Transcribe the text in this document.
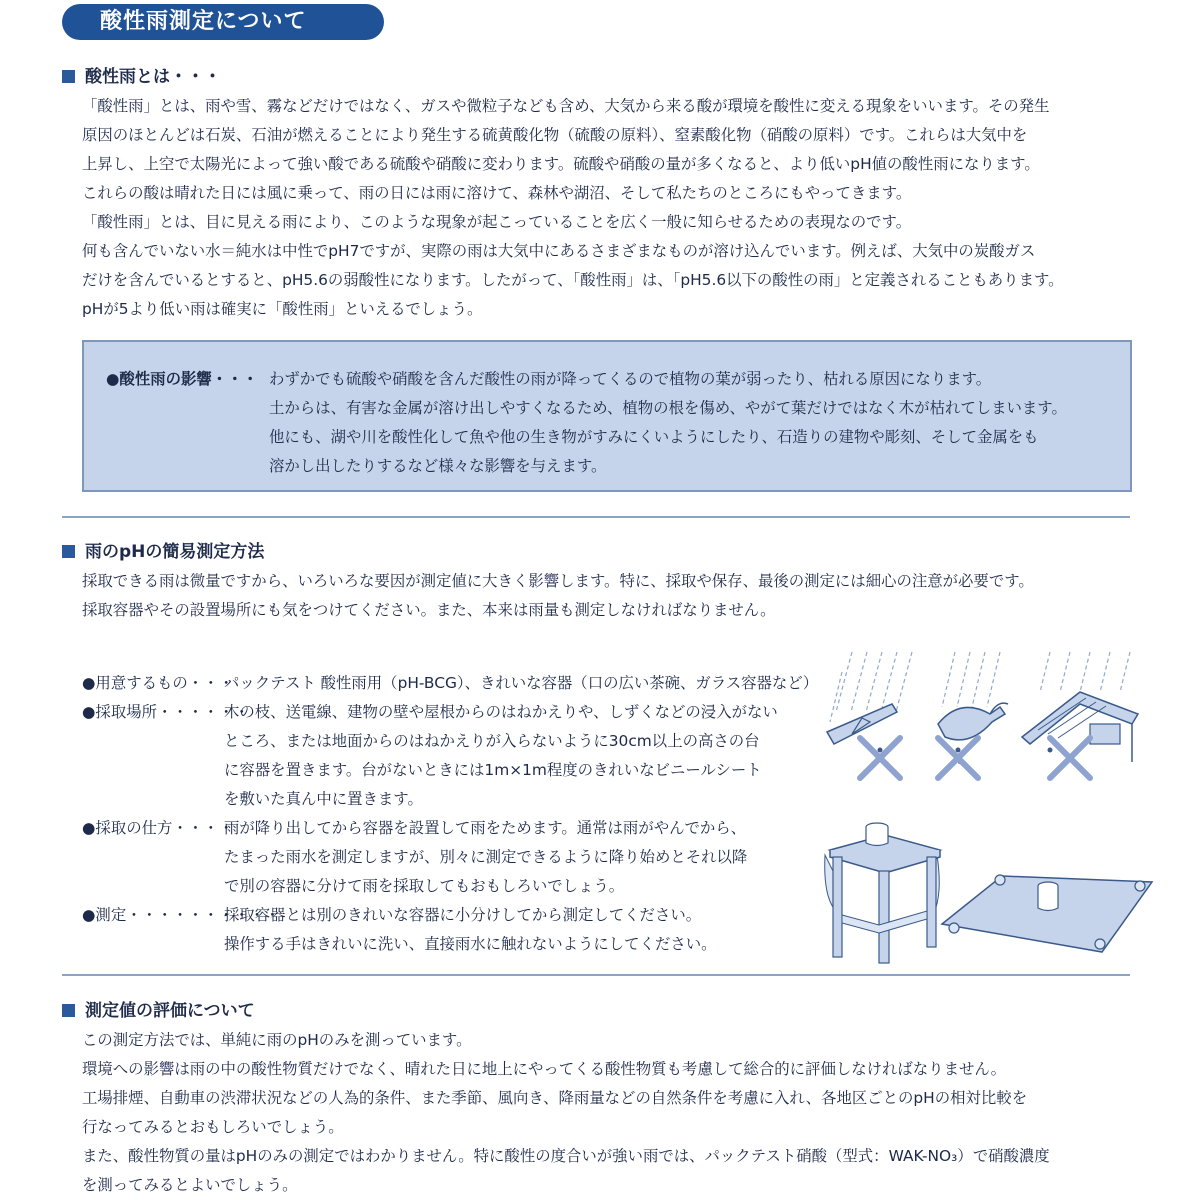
酸性雨測定について
酸性雨とは・・・
「酸性雨」とは、雨や雪、霧などだけではなく、ガスや微粒子なども含め、大気から来る酸が環境を酸性に変える現象をいいます。その発生
原因のほとんどは石炭、石油が燃えることにより発生する硫黄酸化物（硫酸の原料）、窒素酸化物（硝酸の原料）です。これらは大気中を
上昇し、上空で太陽光によって強い酸である硫酸や硝酸に変わります。硫酸や硝酸の量が多くなると、より低いpH値の酸性雨になります。
これらの酸は晴れた日には風に乗って、雨の日には雨に溶けて、森林や湖沼、そして私たちのところにもやってきます。
「酸性雨」とは、目に見える雨により、このような現象が起こっていることを広く一般に知らせるための表現なのです。
何も含んでいない水＝純水は中性でpH7ですが、実際の雨は大気中にあるさまざまなものが溶け込んでいます。例えば、大気中の炭酸ガス
だけを含んでいるとすると、pH5.6の弱酸性になります。したがって、「酸性雨」は、「pH5.6以下の酸性の雨」と定義されることもあります。
pHが5より低い雨は確実に「酸性雨」といえるでしょう。
●酸性雨の影響・・・ わずかでも硫酸や硝酸を含んだ酸性の雨が降ってくるので植物の葉が弱ったり、枯れる原因になります。
土からは、有害な金属が溶け出しやすくなるため、植物の根を傷め、やがて葉だけではなく木が枯れてしまいます。
他にも、湖や川を酸性化して魚や他の生き物がすみにくいようにしたり、石造りの建物や彫刻、そして金属をも
溶かし出したりするなど様々な影響を与えます。
雨のpHの簡易測定方法
採取できる雨は微量ですから、いろいろな要因が測定値に大きく影響します。特に、採取や保存、最後の測定には細心の注意が必要です。
採取容器やその設置場所にも気をつけてください。また、本来は雨量も測定しなければなりません。
●用意するもの・・・
パックテスト 酸性雨用（pH-BCG）、きれいな容器（口の広い茶碗、ガラス容器など）
●採取場所・・・・・・
木の枝、送電線、建物の壁や屋根からのはねかえりや、しずくなどの浸入がない
ところ、または地面からのはねかえりが入らないように30cm以上の高さの台
に容器を置きます。台がないときには1m×1m程度のきれいなビニールシート
を敷いた真ん中に置きます。
●採取の仕方・・・・
雨が降り出してから容器を設置して雨をためます。通常は雨がやんでから、
たまった雨水を測定しますが、別々に測定できるように降り始めとそれ以降
で別の容器に分けて雨を採取してもおもしろいでしょう。
●測定・・・・・・・・・・
採取容器とは別のきれいな容器に小分けしてから測定してください。
操作する手はきれいに洗い、直接雨水に触れないようにしてください。
測定値の評価について
この測定方法では、単純に雨のpHのみを測っています。
環境への影響は雨の中の酸性物質だけでなく、晴れた日に地上にやってくる酸性物質も考慮して総合的に評価しなければなりません。
工場排煙、自動車の渋滞状況などの人為的条件、また季節、風向き、降雨量などの自然条件を考慮に入れ、各地区ごとのpHの相対比較を
行なってみるとおもしろいでしょう。
また、酸性物質の量はpHのみの測定ではわかりません。特に酸性の度合いが強い雨では、パックテスト硝酸（型式：WAK-NO₃）で硝酸濃度
を測ってみるとよいでしょう。
